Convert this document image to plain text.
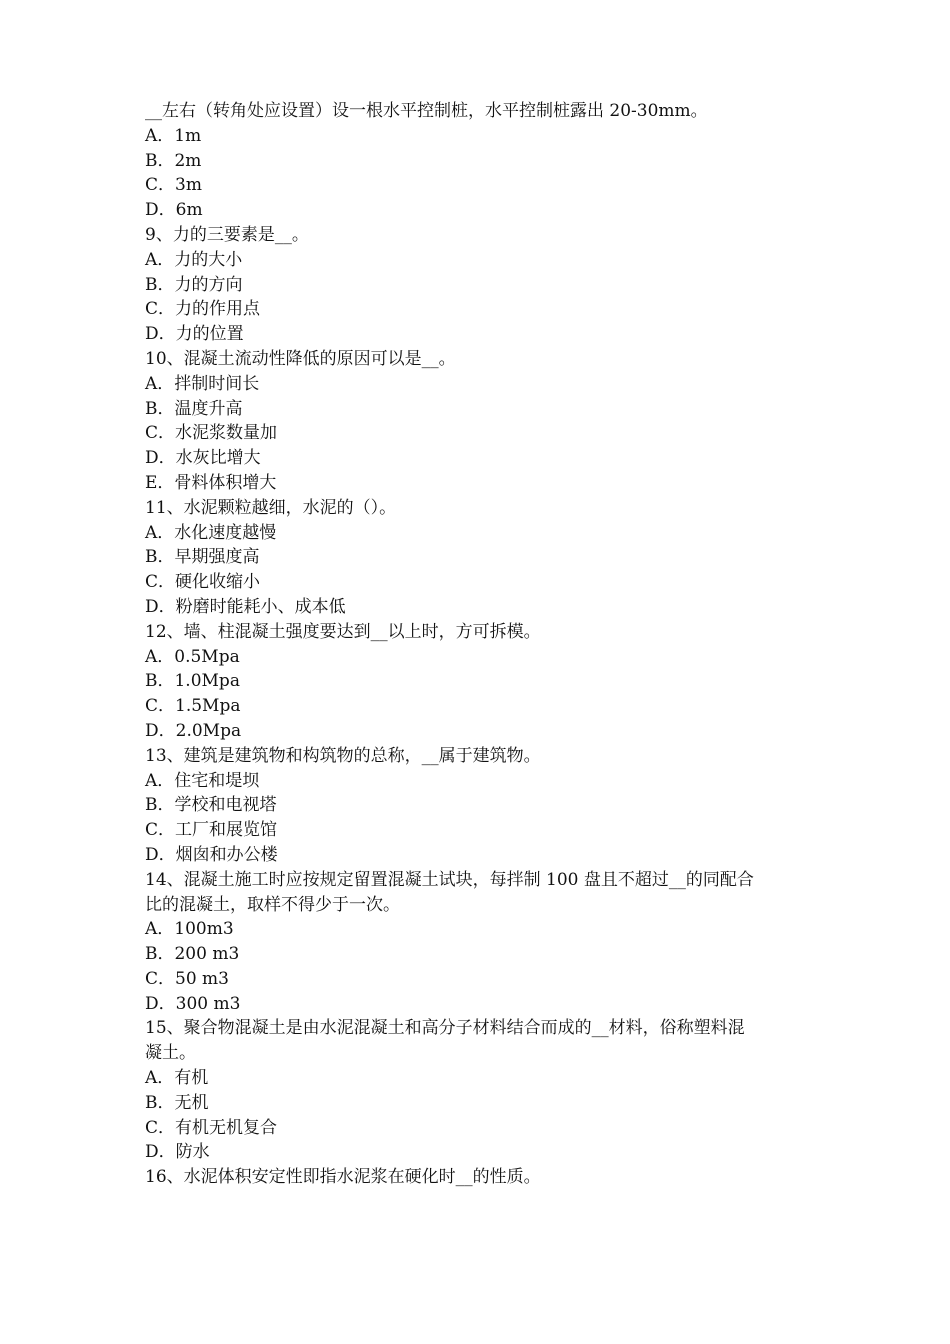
__左右（转角处应设置）设一根水平控制桩，水平控制桩露出 20-30mm。

A．1m

B．2m

C．3m

D．6m

9、力的三要素是__。

A．力的大小

B．力的方向

C．力的作用点

D．力的位置

10、混凝土流动性降低的原因可以是__。

A．拌制时间长

B．温度升高

C．水泥浆数量加

D．水灰比增大

E．骨料体积增大

11、水泥颗粒越细，水泥的（）。

A．水化速度越慢

B．早期强度高

C．硬化收缩小

D．粉磨时能耗小、成本低

12、墙、柱混凝土强度要达到__以上时，方可拆模。

A．0.5Mpa

B．1.0Mpa

C．1.5Mpa

D．2.0Mpa

13、建筑是建筑物和构筑物的总称，__属于建筑物。

A．住宅和堤坝

B．学校和电视塔

C．工厂和展览馆

D．烟囱和办公楼

14、混凝土施工时应按规定留置混凝土试块，每拌制 100 盘且不超过__的同配合

比的混凝土，取样不得少于一次。

A．100m3

B．200 m3

C．50 m3

D．300 m3

15、聚合物混凝土是由水泥混凝土和高分子材料结合而成的__材料，俗称塑料混

凝土。

A．有机

B．无机

C．有机无机复合

D．防水

16、水泥体积安定性即指水泥浆在硬化时__的性质。
